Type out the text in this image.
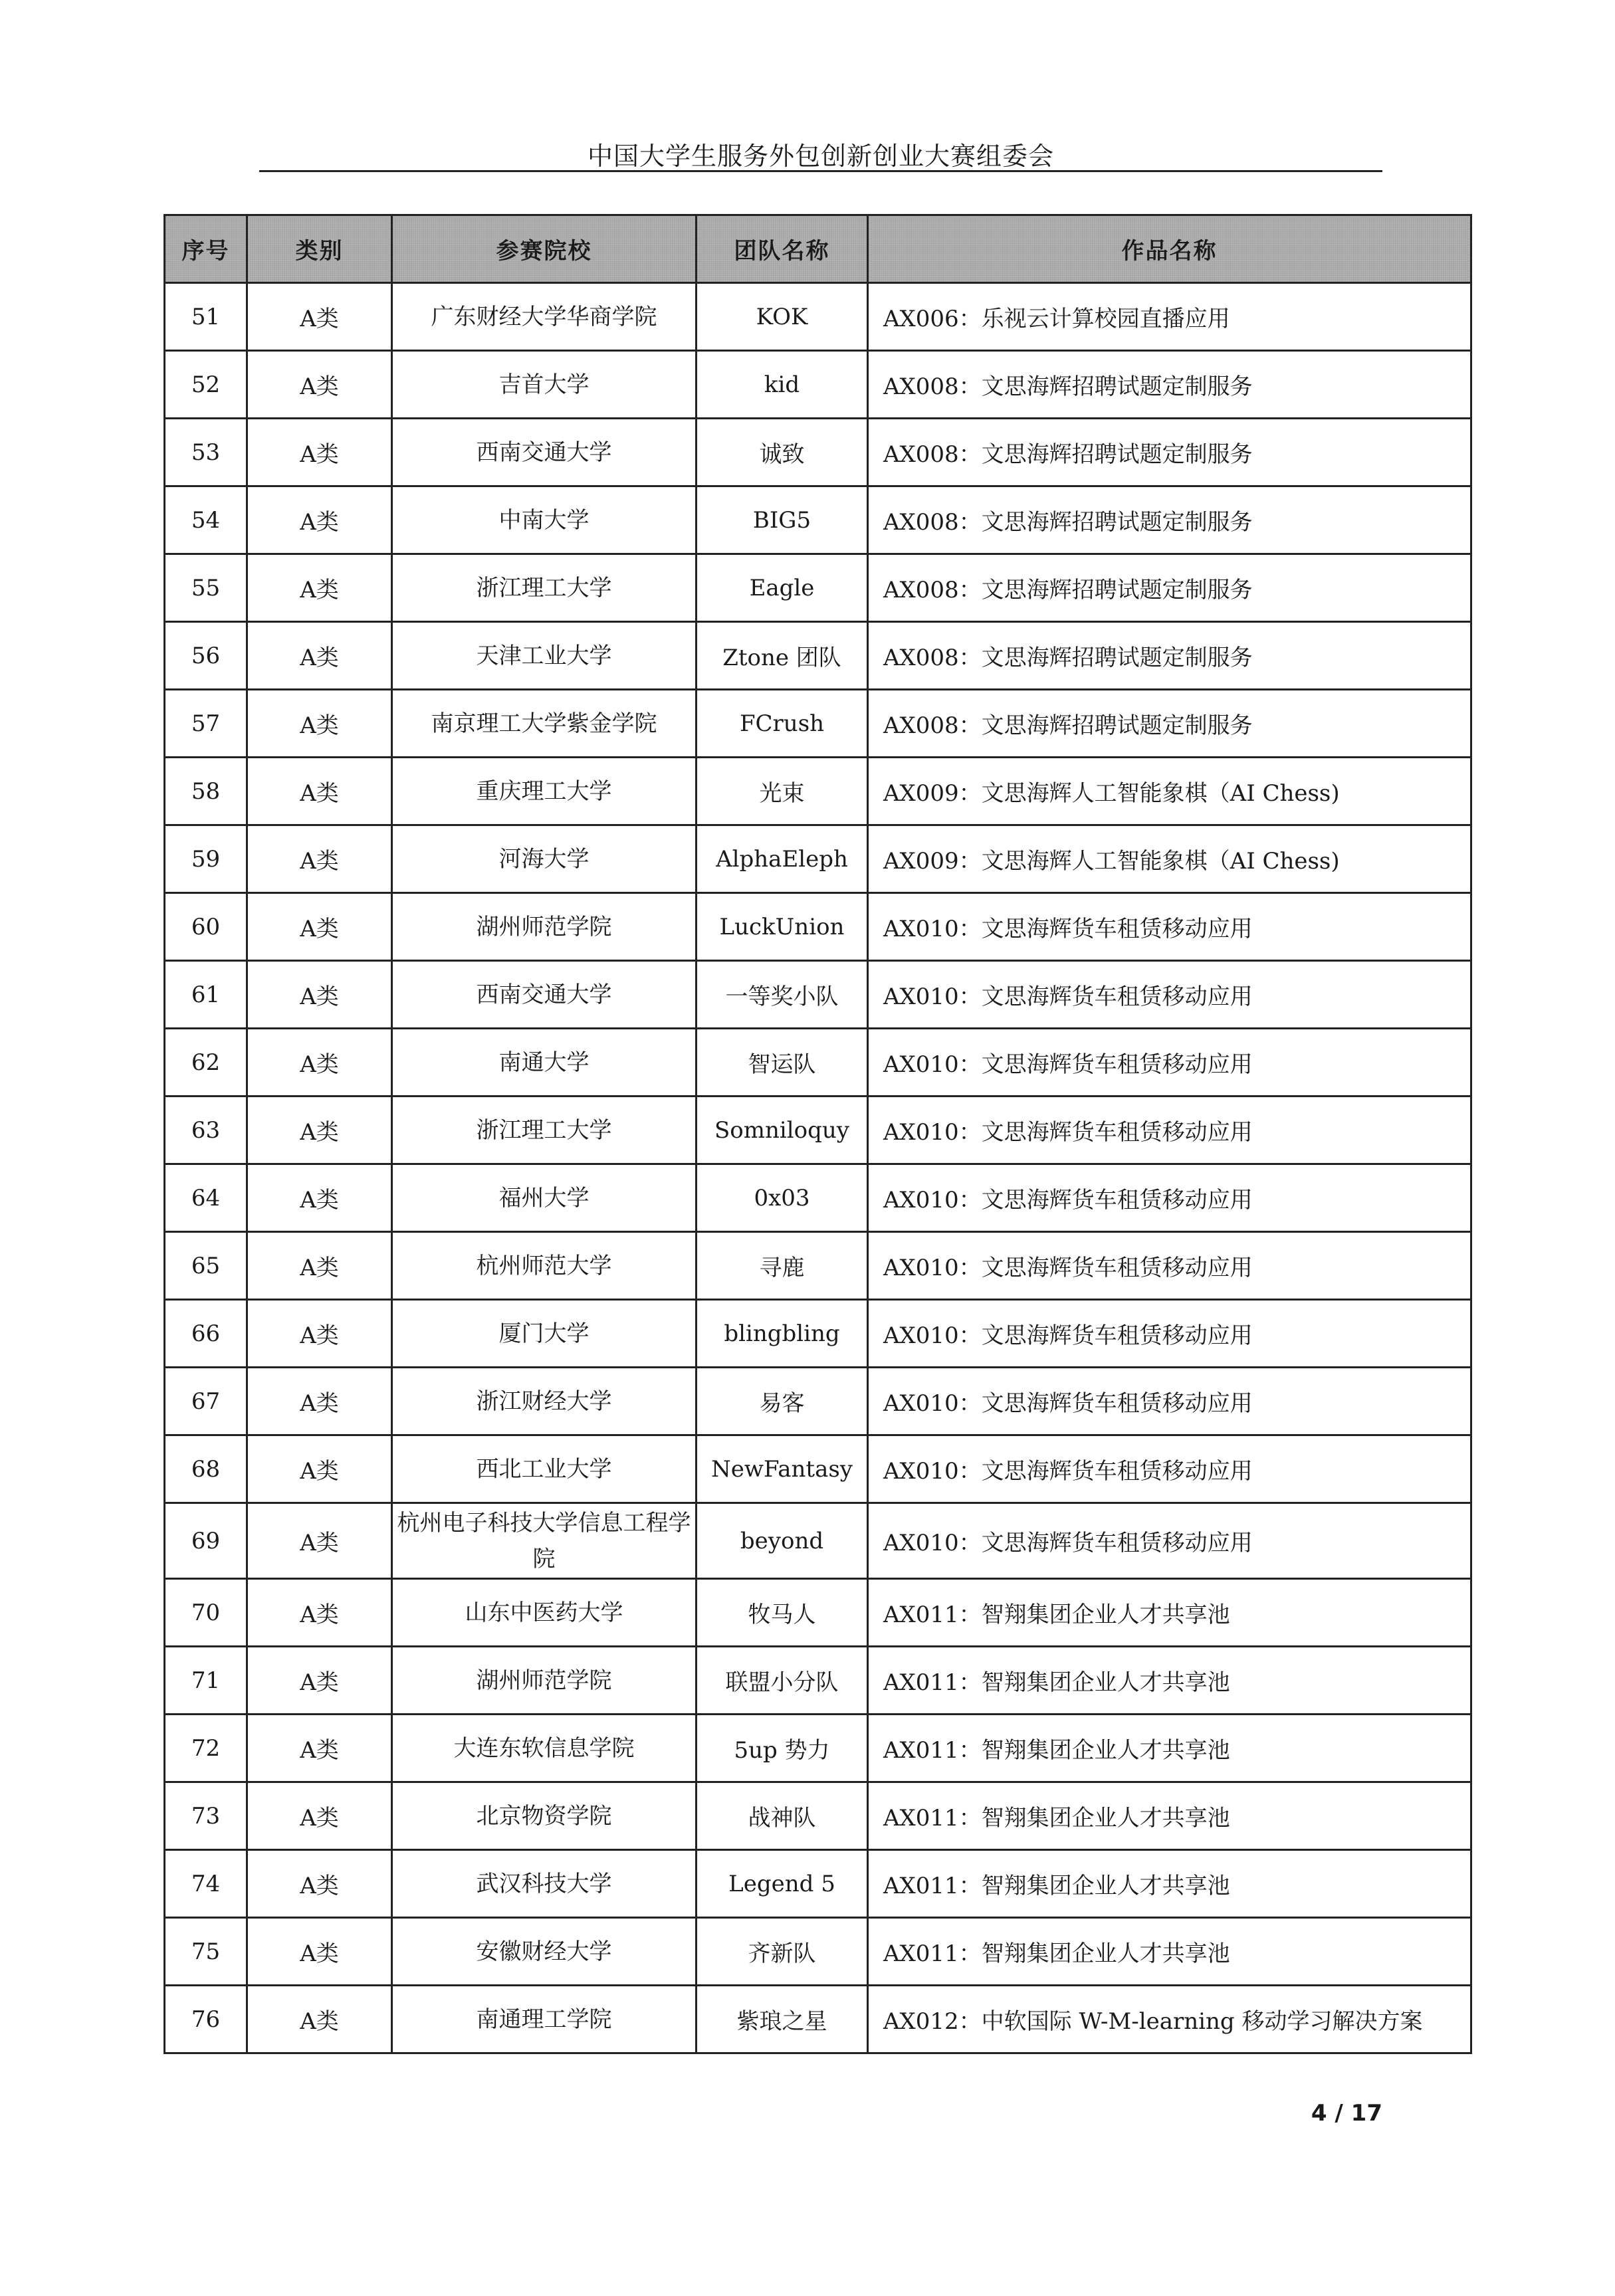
中国大学生服务外包创新创业大赛组委会
序号	类别	参赛院校	团队名称	作品名称
51	A类	广东财经大学华商学院	KOK	AX006：乐视云计算校园直播应用
52	A类	吉首大学	kid	AX008：文思海辉招聘试题定制服务
53	A类	西南交通大学	诚致	AX008：文思海辉招聘试题定制服务
54	A类	中南大学	BIG5	AX008：文思海辉招聘试题定制服务
55	A类	浙江理工大学	Eagle	AX008：文思海辉招聘试题定制服务
56	A类	天津工业大学	Ztone 团队	AX008：文思海辉招聘试题定制服务
57	A类	南京理工大学紫金学院	FCrush	AX008：文思海辉招聘试题定制服务
58	A类	重庆理工大学	光束	AX009：文思海辉人工智能象棋（AI Chess)
59	A类	河海大学	AlphaEleph	AX009：文思海辉人工智能象棋（AI Chess)
60	A类	湖州师范学院	LuckUnion	AX010：文思海辉货车租赁移动应用
61	A类	西南交通大学	一等奖小队	AX010：文思海辉货车租赁移动应用
62	A类	南通大学	智运队	AX010：文思海辉货车租赁移动应用
63	A类	浙江理工大学	Somniloquy	AX010：文思海辉货车租赁移动应用
64	A类	福州大学	0x03	AX010：文思海辉货车租赁移动应用
65	A类	杭州师范大学	寻鹿	AX010：文思海辉货车租赁移动应用
66	A类	厦门大学	blingbling	AX010：文思海辉货车租赁移动应用
67	A类	浙江财经大学	易客	AX010：文思海辉货车租赁移动应用
68	A类	西北工业大学	NewFantasy	AX010：文思海辉货车租赁移动应用
69	A类	杭州电子科技大学信息工程学院	beyond	AX010：文思海辉货车租赁移动应用
70	A类	山东中医药大学	牧马人	AX011：智翔集团企业人才共享池
71	A类	湖州师范学院	联盟小分队	AX011：智翔集团企业人才共享池
72	A类	大连东软信息学院	5up 势力	AX011：智翔集团企业人才共享池
73	A类	北京物资学院	战神队	AX011：智翔集团企业人才共享池
74	A类	武汉科技大学	Legend 5	AX011：智翔集团企业人才共享池
75	A类	安徽财经大学	齐新队	AX011：智翔集团企业人才共享池
76	A类	南通理工学院	紫琅之星	AX012：中软国际 W-M-learning 移动学习解决方案
4 / 17
